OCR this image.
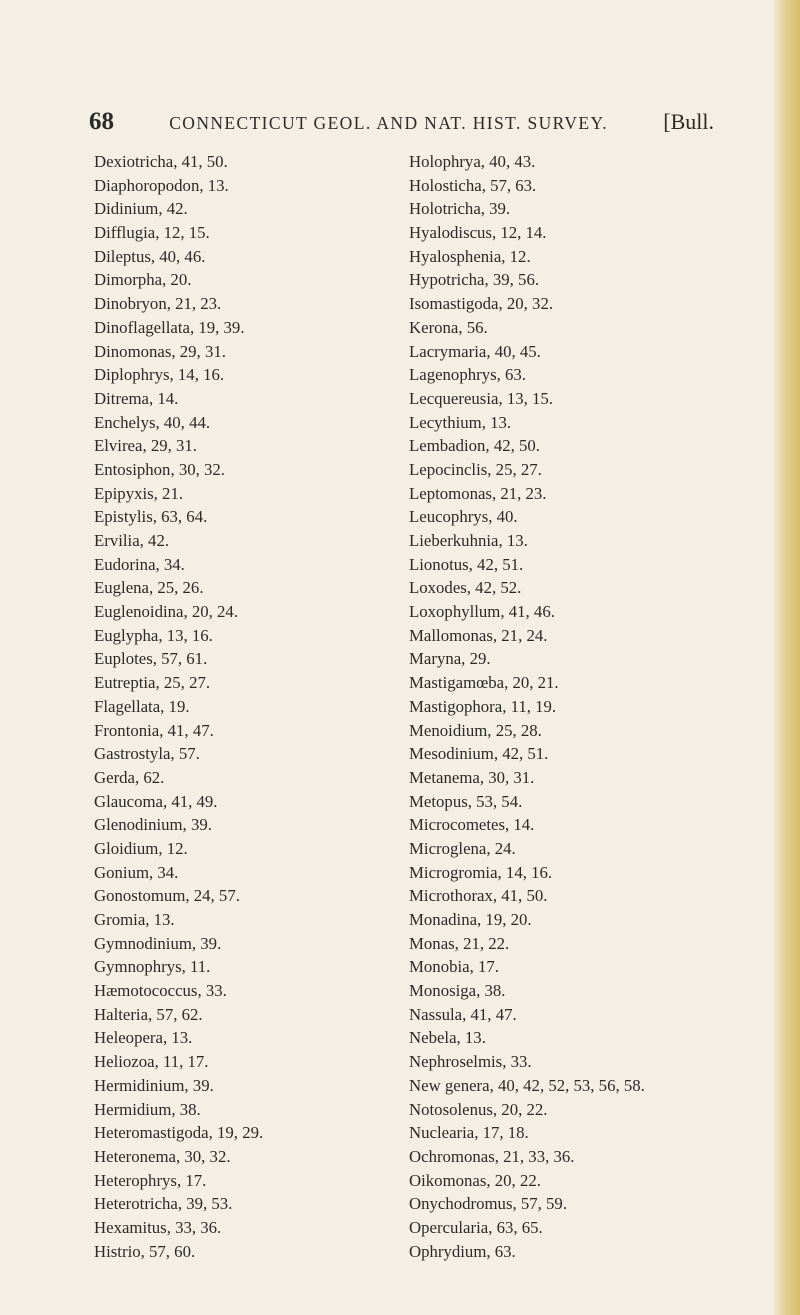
68	CONNECTICUT GEOL. AND NAT. HIST. SURVEY.	[Bull.
Dexiotricha, 41, 50.
Diaphoropodon, 13.
Didinium, 42.
Difflugia, 12, 15.
Dileptus, 40, 46.
Dimorpha, 20.
Dinobryon, 21, 23.
Dinoflagellata, 19, 39.
Dinomonas, 29, 31.
Diplophrys, 14, 16.
Ditrema, 14.
Enchelys, 40, 44.
Elvirea, 29, 31.
Entosiphon, 30, 32.
Epipyxis, 21.
Epistylis, 63, 64.
Ervilia, 42.
Eudorina, 34.
Euglena, 25, 26.
Euglenoidina, 20, 24.
Euglypha, 13, 16.
Euplotes, 57, 61.
Eutreptia, 25, 27.
Flagellata, 19.
Frontonia, 41, 47.
Gastrostyla, 57.
Gerda, 62.
Glaucoma, 41, 49.
Glenodinium, 39.
Gloidium, 12.
Gonium, 34.
Gonostomum, 24, 57.
Gromia, 13.
Gymnodinium, 39.
Gymnophrys, 11.
Hæmotococcus, 33.
Halteria, 57, 62.
Heleopera, 13.
Heliozoa, 11, 17.
Hermidinium, 39.
Hermidium, 38.
Heteromastigoda, 19, 29.
Heteronema, 30, 32.
Heterophrys, 17.
Heterotricha, 39, 53.
Hexamitus, 33, 36.
Histrio, 57, 60.
Holophrya, 40, 43.
Holosticha, 57, 63.
Holotricha, 39.
Hyalodiscus, 12, 14.
Hyalosphenia, 12.
Hypotricha, 39, 56.
Isomastigoda, 20, 32.
Kerona, 56.
Lacrymaria, 40, 45.
Lagenophrys, 63.
Lecquereusia, 13, 15.
Lecythium, 13.
Lembadion, 42, 50.
Lepocinclis, 25, 27.
Leptomonas, 21, 23.
Leucophrys, 40.
Lieberkuhnia, 13.
Lionotus, 42, 51.
Loxodes, 42, 52.
Loxophyllum, 41, 46.
Mallomonas, 21, 24.
Maryna, 29.
Mastigamœba, 20, 21.
Mastigophora, 11, 19.
Menoidium, 25, 28.
Mesodinium, 42, 51.
Metanema, 30, 31.
Metopus, 53, 54.
Microcometes, 14.
Microglena, 24.
Microgromia, 14, 16.
Microthorax, 41, 50.
Monadina, 19, 20.
Monas, 21, 22.
Monobia, 17.
Monosiga, 38.
Nassula, 41, 47.
Nebela, 13.
Nephroselmis, 33.
New genera, 40, 42, 52, 53, 56, 58.
Notosolenus, 20, 22.
Nuclearia, 17, 18.
Ochromonas, 21, 33, 36.
Oikomonas, 20, 22.
Onychodromus, 57, 59.
Opercularia, 63, 65.
Ophrydium, 63.
